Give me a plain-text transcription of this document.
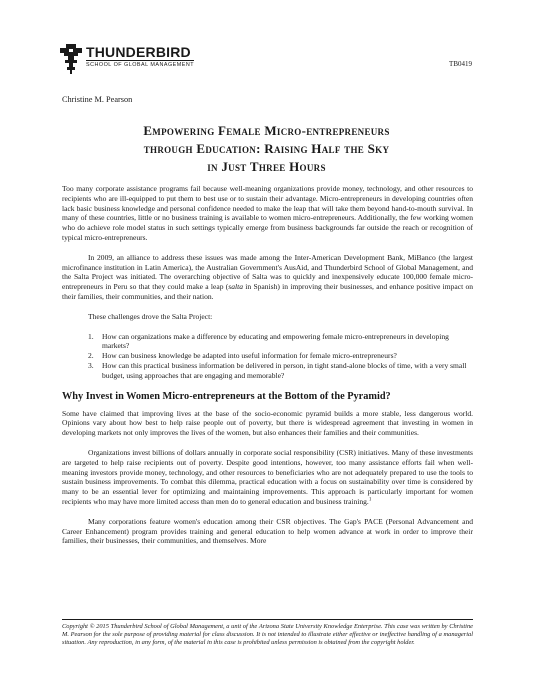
THUNDERBIRD
SCHOOL OF GLOBAL MANAGEMENT	TB0419
Christine M. Pearson
Empowering Female Micro-entrepreneurs
through Education: Raising Half the Sky
in Just Three Hours

Too many corporate assistance programs fail because well-meaning organizations provide money, technology, and other resources to recipients who are ill-equipped to put them to best use or to sustain their advantage. Micro-entrepreneurs in developing countries often lack basic business knowledge and personal confidence needed to make the leap that will take them beyond hand-to-mouth survival. In many of these countries, little or no business training is available to women micro-entrepreneurs. Additionally, the few working women who do achieve role model status in such settings typically emerge from business backgrounds far outside the reach or recognition of typical micro-entrepreneurs.

In 2009, an alliance to address these issues was made among the Inter-American Development Bank, MiBanco (the largest microfinance institution in Latin America), the Australian Government's AusAid, and Thunderbird School of Global Management, and the Salta Project was initiated. The overarching objective of Salta was to quickly and inexpensively educate 100,000 female micro-entrepreneurs in Peru so that they could make a leap (salta in Spanish) in improving their businesses, and enhance positive impact on their families, their communities, and their nation.

These challenges drove the Salta Project:

1.	How can organizations make a difference by educating and empowering female micro-entrepreneurs in developing markets?
2.	How can business knowledge be adapted into useful information for female micro-entrepreneurs?
3.	How can this practical business information be delivered in person, in tight stand-alone blocks of time, with a very small budget, using approaches that are engaging and memorable?
Why Invest in Women Micro-entrepreneurs at the Bottom of the Pyramid?

Some have claimed that improving lives at the base of the socio-economic pyramid builds a more stable, less dangerous world. Opinions vary about how best to help raise people out of poverty, but there is widespread agreement that investing in women in developing markets not only improves the lives of the women, but also enhances their families and their communities.

Organizations invest billions of dollars annually in corporate social responsibility (CSR) initiatives. Many of these investments are targeted to help raise recipients out of poverty. Despite good intentions, however, too many assistance efforts fail when well-meaning investors provide money, technology, and other resources to beneficiaries who are not adequately prepared to use the tools to sustain business improvements. To combat this dilemma, practical education with a focus on sustainability over time is considered by many to be an essential lever for optimizing and maintaining improvements. This approach is particularly important for women recipients who may have more limited access than men do to general education and business training.$^1$

Many corporations feature women's education among their CSR objectives. The Gap's PACE (Personal Advancement and Career Enhancement) program provides training and general education to help women advance at work in order to improve their families, their businesses, their communities, and themselves. More

Copyright © 2015 Thunderbird School of Global Management, a unit of the Arizona State University Knowledge Enterprise. This case was written by Christine M. Pearson for the sole purpose of providing material for class discussion. It is not intended to illustrate either effective or ineffective handling of a managerial situation. Any reproduction, in any form, of the material in this case is prohibited unless permission is obtained from the copyright holder.
